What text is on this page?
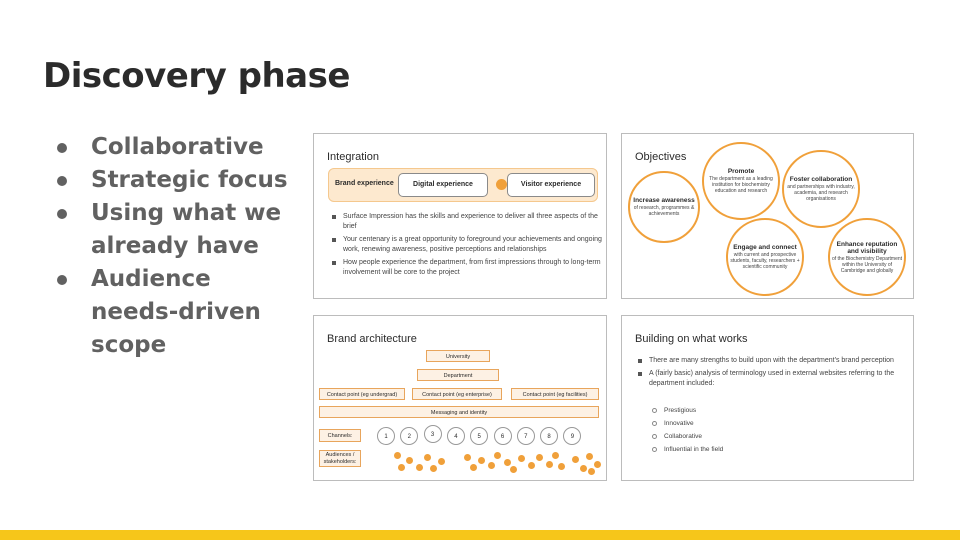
Discovery phase
Collaborative
Strategic focus
Using what we already have
Audience needs-driven scope
Integration
Brand experience	Digital experience	Visitor experience
Surface Impression has the skills and experience to deliver all three aspects of the brief
Your centenary is a great opportunity to foreground your achievements and ongoing work, renewing awareness, positive perceptions and relationships
How people experience the department, from first impressions through to long-term involvement will be core to the project
Objectives
Increase awareness
of research, programmes & achievements
Promote
The department as a leading institution for biochemistry education and research
Foster collaboration
and partnerships with industry, academia, and research organisations
Engage and connect
with current and prospective students, faculty, researchers + scientific community
Enhance reputation and visibility
of the Biochemistry Department within the University of Cambridge and globally
Brand architecture
University
Department
Contact point (eg undergrad)	Contact point (eg enterprise)	Contact point (eg facilities)
Messaging and identity
Channels:
Audiences / stakeholders:
1	2	3	4	5	6	7	8	9
Building on what works
There are many strengths to build upon with the department's brand perception
A (fairly basic) analysis of terminology used in external websites referring to the department included:
Prestigious
Innovative
Collaborative
Influential in the field
